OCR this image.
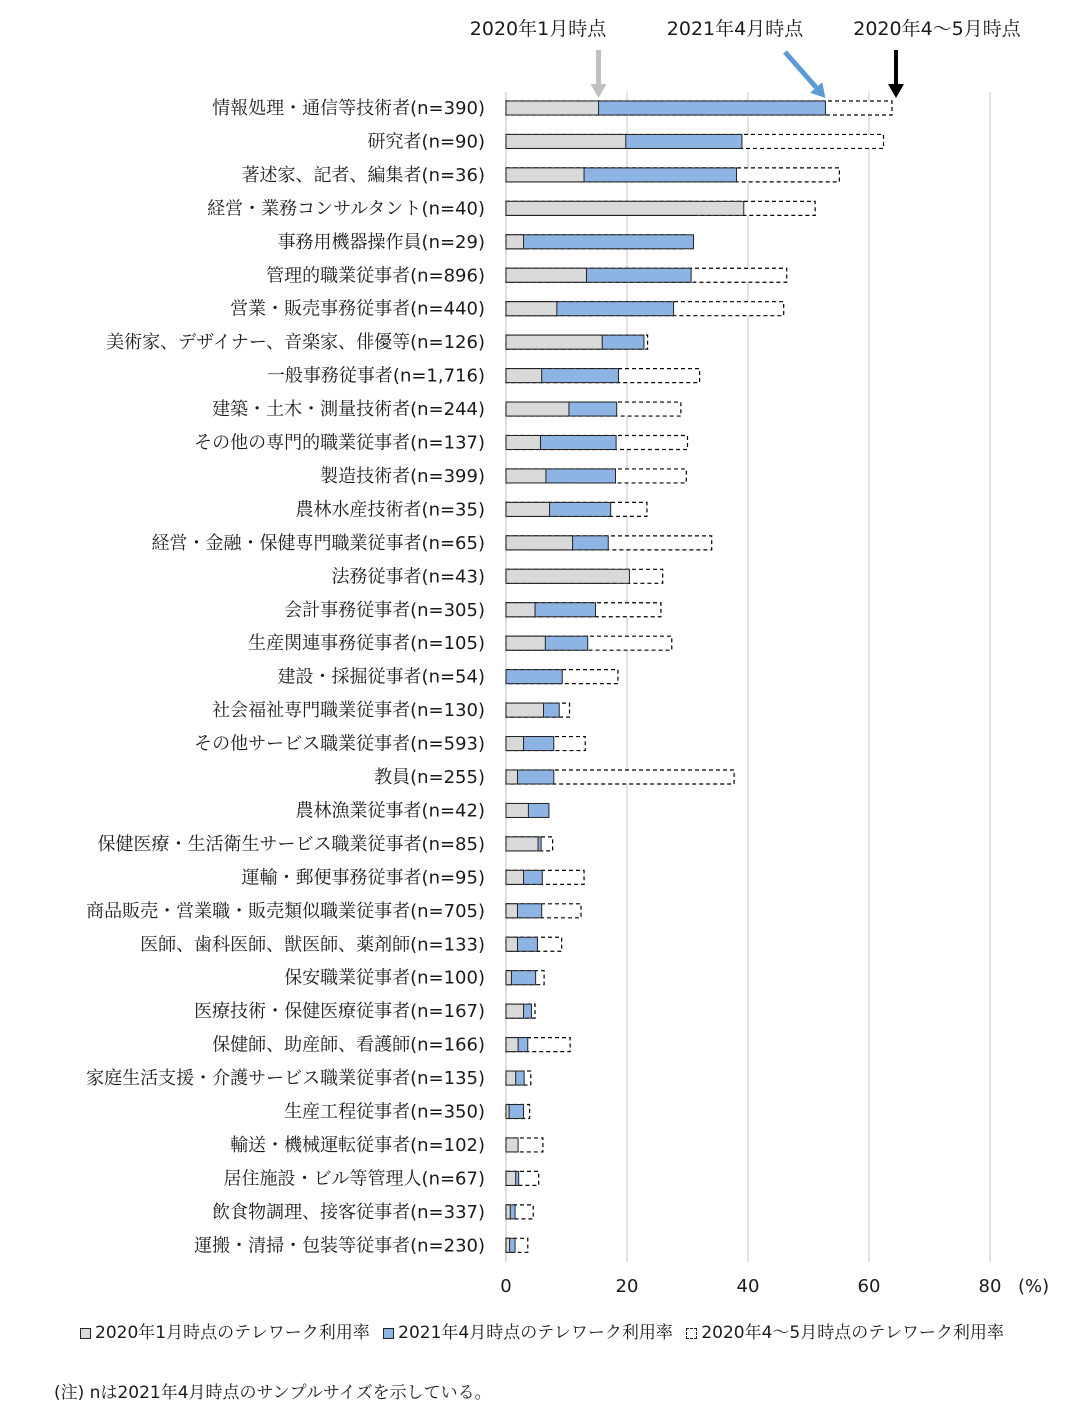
情報処理・通信等技術者(n=390)
研究者(n=90)
著述家、記者、編集者(n=36)
経営・業務コンサルタント(n=40)
事務用機器操作員(n=29)
管理的職業従事者(n=896)
営業・販売事務従事者(n=440)
美術家、デザイナー、音楽家、俳優等(n=126)
一般事務従事者(n=1,716)
建築・土木・測量技術者(n=244)
その他の専門的職業従事者(n=137)
製造技術者(n=399)
農林水産技術者(n=35)
経営・金融・保健専門職業従事者(n=65)
法務従事者(n=43)
会計事務従事者(n=305)
生産関連事務従事者(n=105)
建設・採掘従事者(n=54)
社会福祉専門職業従事者(n=130)
その他サービス職業従事者(n=593)
教員(n=255)
農林漁業従事者(n=42)
保健医療・生活衛生サービス職業従事者(n=85)
運輸・郵便事務従事者(n=95)
商品販売・営業職・販売類似職業従事者(n=705)
医師、歯科医師、獣医師、薬剤師(n=133)
保安職業従事者(n=100)
医療技術・保健医療従事者(n=167)
保健師、助産師、看護師(n=166)
家庭生活支援・介護サービス職業従事者(n=135)
生産工程従事者(n=350)
輸送・機械運転従事者(n=102)
居住施設・ビル等管理人(n=67)
飲食物調理、接客従事者(n=337)
運搬・清掃・包装等従事者(n=230)
0	20	40	60	80 (%)
2020年1月時点	2021年4月時点	2020年4～5月時点
2020年1月時点のテレワーク利用率 2021年4月時点のテレワーク利用率 2020年4～5月時点のテレワーク利用率
(注) nは2021年4月時点のサンプルサイズを示している。
